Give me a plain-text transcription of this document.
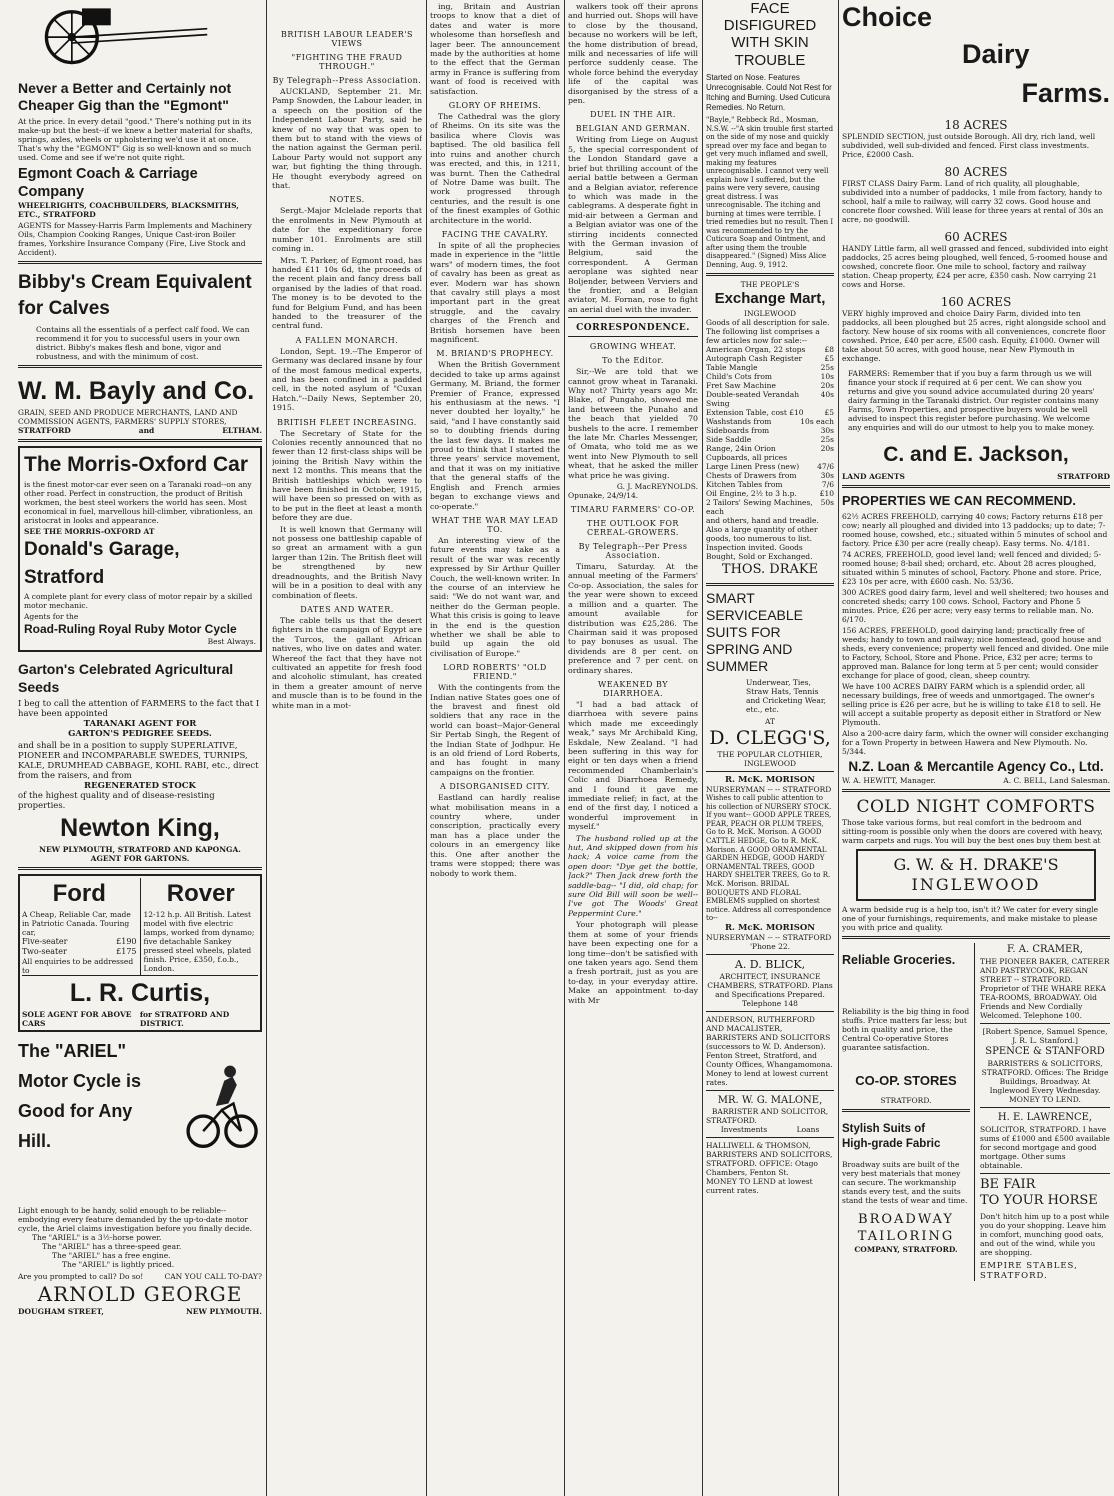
Never a Better and Certainly not Cheaper Gig than the "Egmont"
At the price. In every detail "good." There's nothing put in its make-up but the best--if we knew a better material for shafts, springs, axles, wheels or upholstering we'd use it at once. That's why the "EGMONT" Gig is so well-known and so much used. Come and see if we're not quite right.
Egmont Coach & Carriage Company
WHEELRIGHTS, COACHBUILDERS, BLACKSMITHS, ETC., STRATFORD
AGENTS for Massey-Harris Farm Implements and Machinery Oils, Champion Cooking Ranges, Unique Cast-iron Boiler frames, Yorkshire Insurance Company (Fire, Live Stock and Accident).
Bibby's Cream Equivalent
for Calves
Contains all the essentials of a perfect calf food. We can recommend it for you to successful users in your own district. Bibby's makes flesh and bone, vigor and robustness, and with the minimum of cost.
W. M. Bayly and Co.
GRAIN, SEED AND PRODUCE MERCHANTS, LAND AND COMMISSION AGENTS, FARMERS' SUPPLY STORES,
STRATFORD	and	ELTHAM.
The Morris-Oxford Car
is the finest motor-car ever seen on a Taranaki road--on any other road. Perfect in construction, the product of British workmen, the best steel workers the world has seen. Most economical in fuel, marvellous hill-climber, vibrationless, an aristocrat in looks and appearance.
SEE THE MORRIS-OXFORD AT
Donald's Garage, Stratford
A complete plant for every class of motor repair by a skilled motor mechanic.
Agents for the
Road-Ruling Royal Ruby Motor Cycle
Best Always.
Garton's Celebrated Agricultural
Seeds
I beg to call the attention of FARMERS to the fact that I have been appointed
TARANAKI AGENT FOR
GARTON'S PEDIGREE SEEDS.
and shall be in a position to supply SUPERLATIVE, PIONEER and INCOMPARABLE SWEDES, TURNIPS, KALE, DRUMHEAD CABBAGE, KOHL RABI, etc., direct from the raisers, and from
REGENERATED STOCK
of the highest quality and of disease-resisting properties.
Newton King,
NEW PLYMOUTH, STRATFORD AND KAPONGA.
AGENT FOR GARTONS.
Ford
A Cheap, Reliable Car, made in Patriotic Canada. Touring car,
Five-seater	£190
Two-seater	£175
All enquiries to be addressed to
Rover
12-12 h.p. All British. Latest model with five electric lamps, worked from dynamo; five detachable Sankey pressed steel wheels, plated finish. Price, £350, f.o.b., London.
L. R. Curtis,
SOLE AGENT FOR ABOVE CARS
for STRATFORD AND DISTRICT.
The "ARIEL"
Motor Cycle is
Good for Any
Hill.
Light enough to be handy, solid enough to be reliable--embodying every feature demanded by the up-to-date motor cycle, the Ariel claims investigation before you finally decide.
The "ARIEL" is a 3½-horse power.
The "ARIEL" has a three-speed gear.
The "ARIEL" has a free engine.
The "ARIEL" is lightly priced.
Are you prompted to call? Do so!	CAN YOU CALL TO-DAY?
ARNOLD GEORGE
DOUGHAM STREET,	NEW PLYMOUTH.
BRITISH LABOUR LEADER'S VIEWS
"FIGHTING THE FRAUD THROUGH."
By Telegraph--Press Association.
AUCKLAND, September 21. Mr. Pamp Snowden, the Labour leader, in a speech on the position of the Independent Labour Party, said he knew of no way that was open to them but to stand with the views of the nation against the German peril. Labour Party would not support any war, but fighting the thing through. He thought everybody agreed on that.
NOTES.
Sergt.-Major Mclelade reports that the enrolments in New Plymouth at date for the expeditionary force number 101. Enrolments are still coming in.
Mrs. T. Parker, of Egmont road, has handed £11 10s 6d, the proceeds of the recent plain and fancy dress ball organised by the ladies of that road. The money is to be devoted to the fund for Belgium Fund, and has been handed to the treasurer of the central fund.
A FALLEN MONARCH.
London, Sept. 19.--The Emperor of Germany was declared insane by four of the most famous medical experts, and has been confined in a padded cell, in the noted asylum of "Cuxan Hatch."--Daily News, September 20, 1915.
BRITISH FLEET INCREASING.
The Secretary of State for the Colonies recently announced that no fewer than 12 first-class ships will be joining the British Navy within the next 12 months. This means that the British battleships which were to have been finished in October, 1915, will have been so pressed on with as to be put in the fleet at least a month before they are due.
It is well known that Germany will not possess one battleship capable of so great an armament with a gun larger than 12in. The British fleet will be strengthened by new dreadnoughts, and the British Navy will be in a position to deal with any combination of fleets.
DATES AND WATER.
The cable tells us that the desert fighters in the campaign of Egypt are the Turcos, the gallant African natives, who live on dates and water. Whereof the fact that they have not cultivated an appetite for fresh food and alcoholic stimulant, has created in them a greater amount of nerve and muscle than is to be found in the white man in a mot-
ing, Britain and Austrian troops to know that a diet of dates and water is more wholesome than horseflesh and lager beer. The announcement made by the authorities at home to the effect that the German army in France is suffering from want of food is received with satisfaction.
GLORY OF RHEIMS.
The Cathedral was the glory of Rheims. On its site was the basilica where Clovis was baptised. The old basilica fell into ruins and another church was erected, and this, in 1211, was burnt. Then the Cathedral of Notre Dame was built. The work progressed through centuries, and the result is one of the finest examples of Gothic architecture in the world.
FACING THE CAVALRY.
In spite of all the prophecies made in experience in the "little wars" of modern times, the foot of cavalry has been as great as ever. Modern war has shown that cavalry still plays a most important part in the great struggle, and the cavalry charges of the French and British horsemen have been magnificent.
M. BRIAND'S PROPHECY.
When the British Government decided to take up arms against Germany, M. Briand, the former Premier of France, expressed his enthusiasm at the news. "I never doubted her loyalty," he said, "and I have constantly said so to doubting friends during the last few days. It makes me proud to think that I started the three years' service movement, and that it was on my initiative that the general staffs of the English and French armies began to exchange views and co-operate."
WHAT THE WAR MAY LEAD TO.
An interesting view of the future events may take as a result of the war was recently expressed by Sir Arthur Quiller Couch, the well-known writer. In the course of an interview he said: "We do not want war, and neither do the German people. What this crisis is going to leave in the end is the question whether we shall be able to build up again the old civilisation of Europe."
LORD ROBERTS' "OLD FRIEND."
With the contingents from the Indian native States goes one of the bravest and finest old soldiers that any race in the world can boast--Major-General Sir Pertab Singh, the Regent of the Indian State of Jodhpur. He is an old friend of Lord Roberts, and has fought in many campaigns on the frontier.
A DISORGANISED CITY.
Eastland can hardly realise what mobilisation means in a country where, under conscription, practically every man has a place under the colours in an emergency like this. One after another the trams were stopped; there was nobody to work them.
walkers took off their aprons and hurried out. Shops will have to close by the thousand, because no workers will be left, the home distribution of bread, milk and necessaries of life will perforce suddenly cease. The whole force behind the everyday life of the capital was disorganised by the stress of a pen.
DUEL IN THE AIR.
BELGIAN AND GERMAN.
Writing from Liege on August 5, the special correspondent of the London Standard gave a brief but thrilling account of the aerial battle between a German and a Belgian aviator, reference to which was made in the cablegrams. A desperate fight in mid-air between a German and a Belgian aviator was one of the stirring incidents connected with the German invasion of Belgium, said the correspondent. A German aeroplane was sighted near Boljender, between Verviers and the frontier, and a Belgian aviator, M. Fornan, rose to fight an aerial duel with the invader.
CORRESPONDENCE.
GROWING WHEAT.
To the Editor.
Sir,--We are told that we cannot grow wheat in Taranaki. Why not? Thirty years ago Mr. Blake, of Pungaho, showed me land between the Punaho and the beach that yielded 70 bushels to the acre. I remember the late Mr. Charles Messenger, of Omata, who told me as we went into New Plymouth to sell wheat, that he asked the miller what price he was giving.
G. J. MacREYNOLDS.
Opunake, 24/9/14.
TIMARU FARMERS' CO-OP.
THE OUTLOOK FOR CEREAL-GROWERS.
By Telegraph--Per Press Association.
Timaru, Saturday. At the annual meeting of the Farmers' Co-op. Association, the sales for the year were shown to exceed a million and a quarter. The amount available for distribution was £25,286. The Chairman said it was proposed to pay bonuses as usual. The dividends are 8 per cent. on preference and 7 per cent. on ordinary shares.
WEAKENED BY DIARRHOEA.
"I had a bad attack of diarrhoea with severe pains which made me exceedingly weak," says Mr Archibald King, Eskdale, New Zealand. "I had been suffering in this way for eight or ten days when a friend recommended Chamberlain's Colic and Diarrhoea Remedy, and I found it gave me immediate relief; in fact, at the end of the first day, I noticed a wonderful improvement in myself."
The husband rolled up at the hut, And skipped down from his hack; A voice came from the open door: "Dye get the bottle, Jack?" Then Jack drew forth the saddle-bag-- "I did, old chap; for sure Old Bill will soon be well--I've got The Woods' Great Peppermint Cure."
Your photograph will please them at some of your friends have been expecting one for a long time--don't be satisfied with one taken years ago. Send them a fresh portrait, just as you are to-day, in your everyday attire. Make an appointment to-day with Mr
FACE DISFIGURED
WITH SKIN TROUBLE
Started on Nose. Features Unrecognisable. Could Not Rest for Itching and Burning. Used Cuticura Remedies. No Return.
"Bayle," Rebbeck Rd., Mosman, N.S.W. --"A skin trouble first started on the side of my nose and quickly spread over my face and began to get very much inflamed and swell, making my features unrecognisable. I cannot very well explain how I suffered, but the pains were very severe, causing great distress. I was unrecognisable. The itching and burning at times were terrible. I tried remedies but no result. Then I was recommended to try the Cuticura Soap and Ointment, and after using them the trouble disappeared." (Signed) Miss Alice Denning, Aug. 9, 1912.
THE PEOPLE'S
Exchange Mart,
INGLEWOOD
Goods of all description for sale. The following list comprises a few articles now for sale:--
American Organ, 22 stops	£8
Autograph Cash Register	£5
Table Mangle	25s
Child's Cots from	10s
Fret Saw Machine	20s
Double-seated Verandah Swing
40s
Extension Table, cost £10	£5
Washstands from	10s each
Sideboards from	30s
Side Saddle	25s
Range, 24in Orion	20s
Cupboards, all prices
Large Linen Press (new) 47/6
Chests of Drawers from	30s
Kitchen Tables from	7/6
Oil Engine, 2½ to 3 h.p.	£10
2 Tailors' Sewing Machines, each
50s
and others, hand and treadle. Also a large quantity of other goods, too numerous to list. Inspection invited. Goods Bought, Sold or Exchanged.
THOS. DRAKE
SMART
SERVICEABLE
SUITS FOR
SPRING AND
SUMMER
Underwear, Ties, Straw Hats, Tennis and Cricketing Wear, etc., etc.
AT
D. CLEGG'S,
THE POPULAR CLOTHIER, INGLEWOOD
R. McK. MORISON
NURSERYMAN -- -- STRATFORD
Wishes to call public attention to his collection of NURSERY STOCK. If you want-- GOOD APPLE TREES, PEAR, PEACH OR PLUM TREES, Go to R. McK. Morison. A GOOD CATTLE HEDGE, Go to R. McK. Morison. A GOOD ORNAMENTAL GARDEN HEDGE, GOOD HARDY ORNAMENTAL TREES, GOOD HARDY SHELTER TREES, Go to R. McK. Morison. BRIDAL BOUQUETS AND FLORAL EMBLEMS supplied on shortest notice. Address all correspondence to--
R. McK. MORISON
NURSERYMAN -- -- STRATFORD
'Phone 22.
A. D. BLICK,
ARCHITECT, INSURANCE CHAMBERS, STRATFORD. Plans and Specifications Prepared. Telephone 148
ANDERSON, RUTHERFORD AND MACALISTER, BARRISTERS AND SOLICITORS (successors to W. D. Anderson). Fenton Street, Stratford, and County Offices, Whangamomona. Money to lend at lowest current rates.
MR. W. G. MALONE,
BARRISTER AND SOLICITOR,
STRATFORD.
Investments	Loans
HALLIWELL & THOMSON, BARRISTERS AND SOLICITORS, STRATFORD. OFFICE: Otago Chambers, Fenton St.
MONEY TO LEND at lowest current rates.
Choice
Dairy
Farms.
18 ACRES
SPLENDID SECTION, just outside Borough. All dry, rich land, well subdivided, well sub-divided and fenced. First class investments. Price, £2000 Cash.
80 ACRES
FIRST CLASS Dairy Farm. Land of rich quality, all ploughable, subdivided into a number of paddocks, 1 mile from factory, handy to school, half a mile to railway, will carry 32 cows. Good house and concrete floor cowshed. Will lease for three years at rental of 30s an acre, no goodwill.
60 ACRES
HANDY Little farm, all well grassed and fenced, subdivided into eight paddocks, 25 acres being ploughed, well fenced, 5-roomed house and cowshed, concrete floor. One mile to school, factory and railway station. Cheap property, £24 per acre, £350 cash. Now carrying 21 cows and Horse.
160 ACRES
VERY highly improved and choice Dairy Farm, divided into ten paddocks, all been ploughed but 25 acres, right alongside school and factory. New house of six rooms with all conveniences, concrete floor cowshed. Price, £40 per acre, £500 cash. Equity, £1000. Owner will take about 50 acres, with good house, near New Plymouth in exchange.
FARMERS: Remember that if you buy a farm through us we will finance your stock if required at 6 per cent. We can show you returns and give you sound advice accumulated during 20 years' dairy farming in the Taranaki district. Our register contains many Farms, Town Properties, and prospective buyers would be well advised to inspect this register before purchasing. We welcome any enquiries and will do our utmost to help you to make money.
C. and E. Jackson,
LAND AGENTS	STRATFORD
PROPERTIES WE CAN RECOMMEND.
62½ ACRES FREEHOLD, carrying 40 cows; Factory returns £18 per cow; nearly all ploughed and divided into 13 paddocks; up to date; 7-roomed house, cowshed, etc.; situated within 5 minutes of school and factory. Price £30 per acre (really cheap). Easy terms. No. 4/181.
74 ACRES, FREEHOLD, good level land; well fenced and divided; 5-roomed house; 8-bail shed; orchard, etc. About 28 acres ploughed, situated within 5 minutes of school, Factory. Phone and store. Price, £23 10s per acre, with £600 cash. No. 53/36.
300 ACRES good dairy farm, level and well sheltered; two houses and concreted sheds; carry 100 cows. School, Factory and Phone 5 minutes. Price, £26 per acre; very easy terms to reliable man. No. 6/170.
156 ACRES, FREEHOLD, good dairying land; practically free of weeds; handy to town and railway; nice homestead, good house and sheds, every convenience; property well fenced and divided. One mile to Factory, School, Store and Phone. Price, £32 per acre; terms to approved man. Balance for long term at 5 per cent; would consider exchange for place of good, clean, sheep country.
We have 100 ACRES DAIRY FARM which is a splendid order, all necessary buildings, free of weeds and unmortgaged. The owner's selling price is £26 per acre, but he is willing to take £18 to sell. He will accept a suitable property as deposit either in Stratford or New Plymouth.
Also a 200-acre dairy farm, which the owner will consider exchanging for a Town Property in between Hawera and New Plymouth. No. 5/344.
N.Z. Loan & Mercantile Agency Co., Ltd.
W. A. HEWITT, Manager.	A. C. BELL, Land Salesman.
COLD NIGHT COMFORTS
Those take various forms, but real comfort in the bedroom and sitting-room is possible only when the doors are covered with heavy, warm carpets and rugs. You will buy the best ones buy them best at
G. W. & H. DRAKE'S
INGLEWOOD
A warm bedside rug is a help too, isn't it? We cater for every single one of your furnishings, requirements, and make mistake to please you with price and quality.
Reliable Groceries.
Reliability is the big thing in food stuffs. Price matters far less; but both in quality and price, the Central Co-operative Stores guarantee satisfaction.
CO-OP. STORES
STRATFORD.
Stylish Suits of
High-grade Fabric
Broadway suits are built of the very best materials that money can secure. The workmanship stands every test, and the suits stand the tests of wear and time.
BROADWAY
TAILORING
COMPANY, STRATFORD.
F. A. CRAMER,
THE PIONEER BAKER, CATERER AND PASTRYCOOK, REGAN STREET -- STRATFORD. Proprietor of THE WHARE REKA TEA-ROOMS, BROADWAY. Old Friends and New Cordially Welcomed. Telephone 100.
[Robert Spence, Samuel Spence, J. R. L. Stanford.]
SPENCE & STANFORD
BARRISTERS & SOLICITORS, STRATFORD. Offices: The Bridge Buildings, Broadway. At Inglewood Every Wednesday. MONEY TO LEND.
H. E. LAWRENCE,
SOLICITOR, STRATFORD. I have sums of £1000 and £500 available for second mortgage and good mortgage. Other sums obtainable.
BE FAIR
TO YOUR HORSE
Don't hitch him up to a post while you do your shopping. Leave him in comfort, munching good oats, and out of the wind, while you are shopping.
EMPIRE STABLES, STRATFORD.
